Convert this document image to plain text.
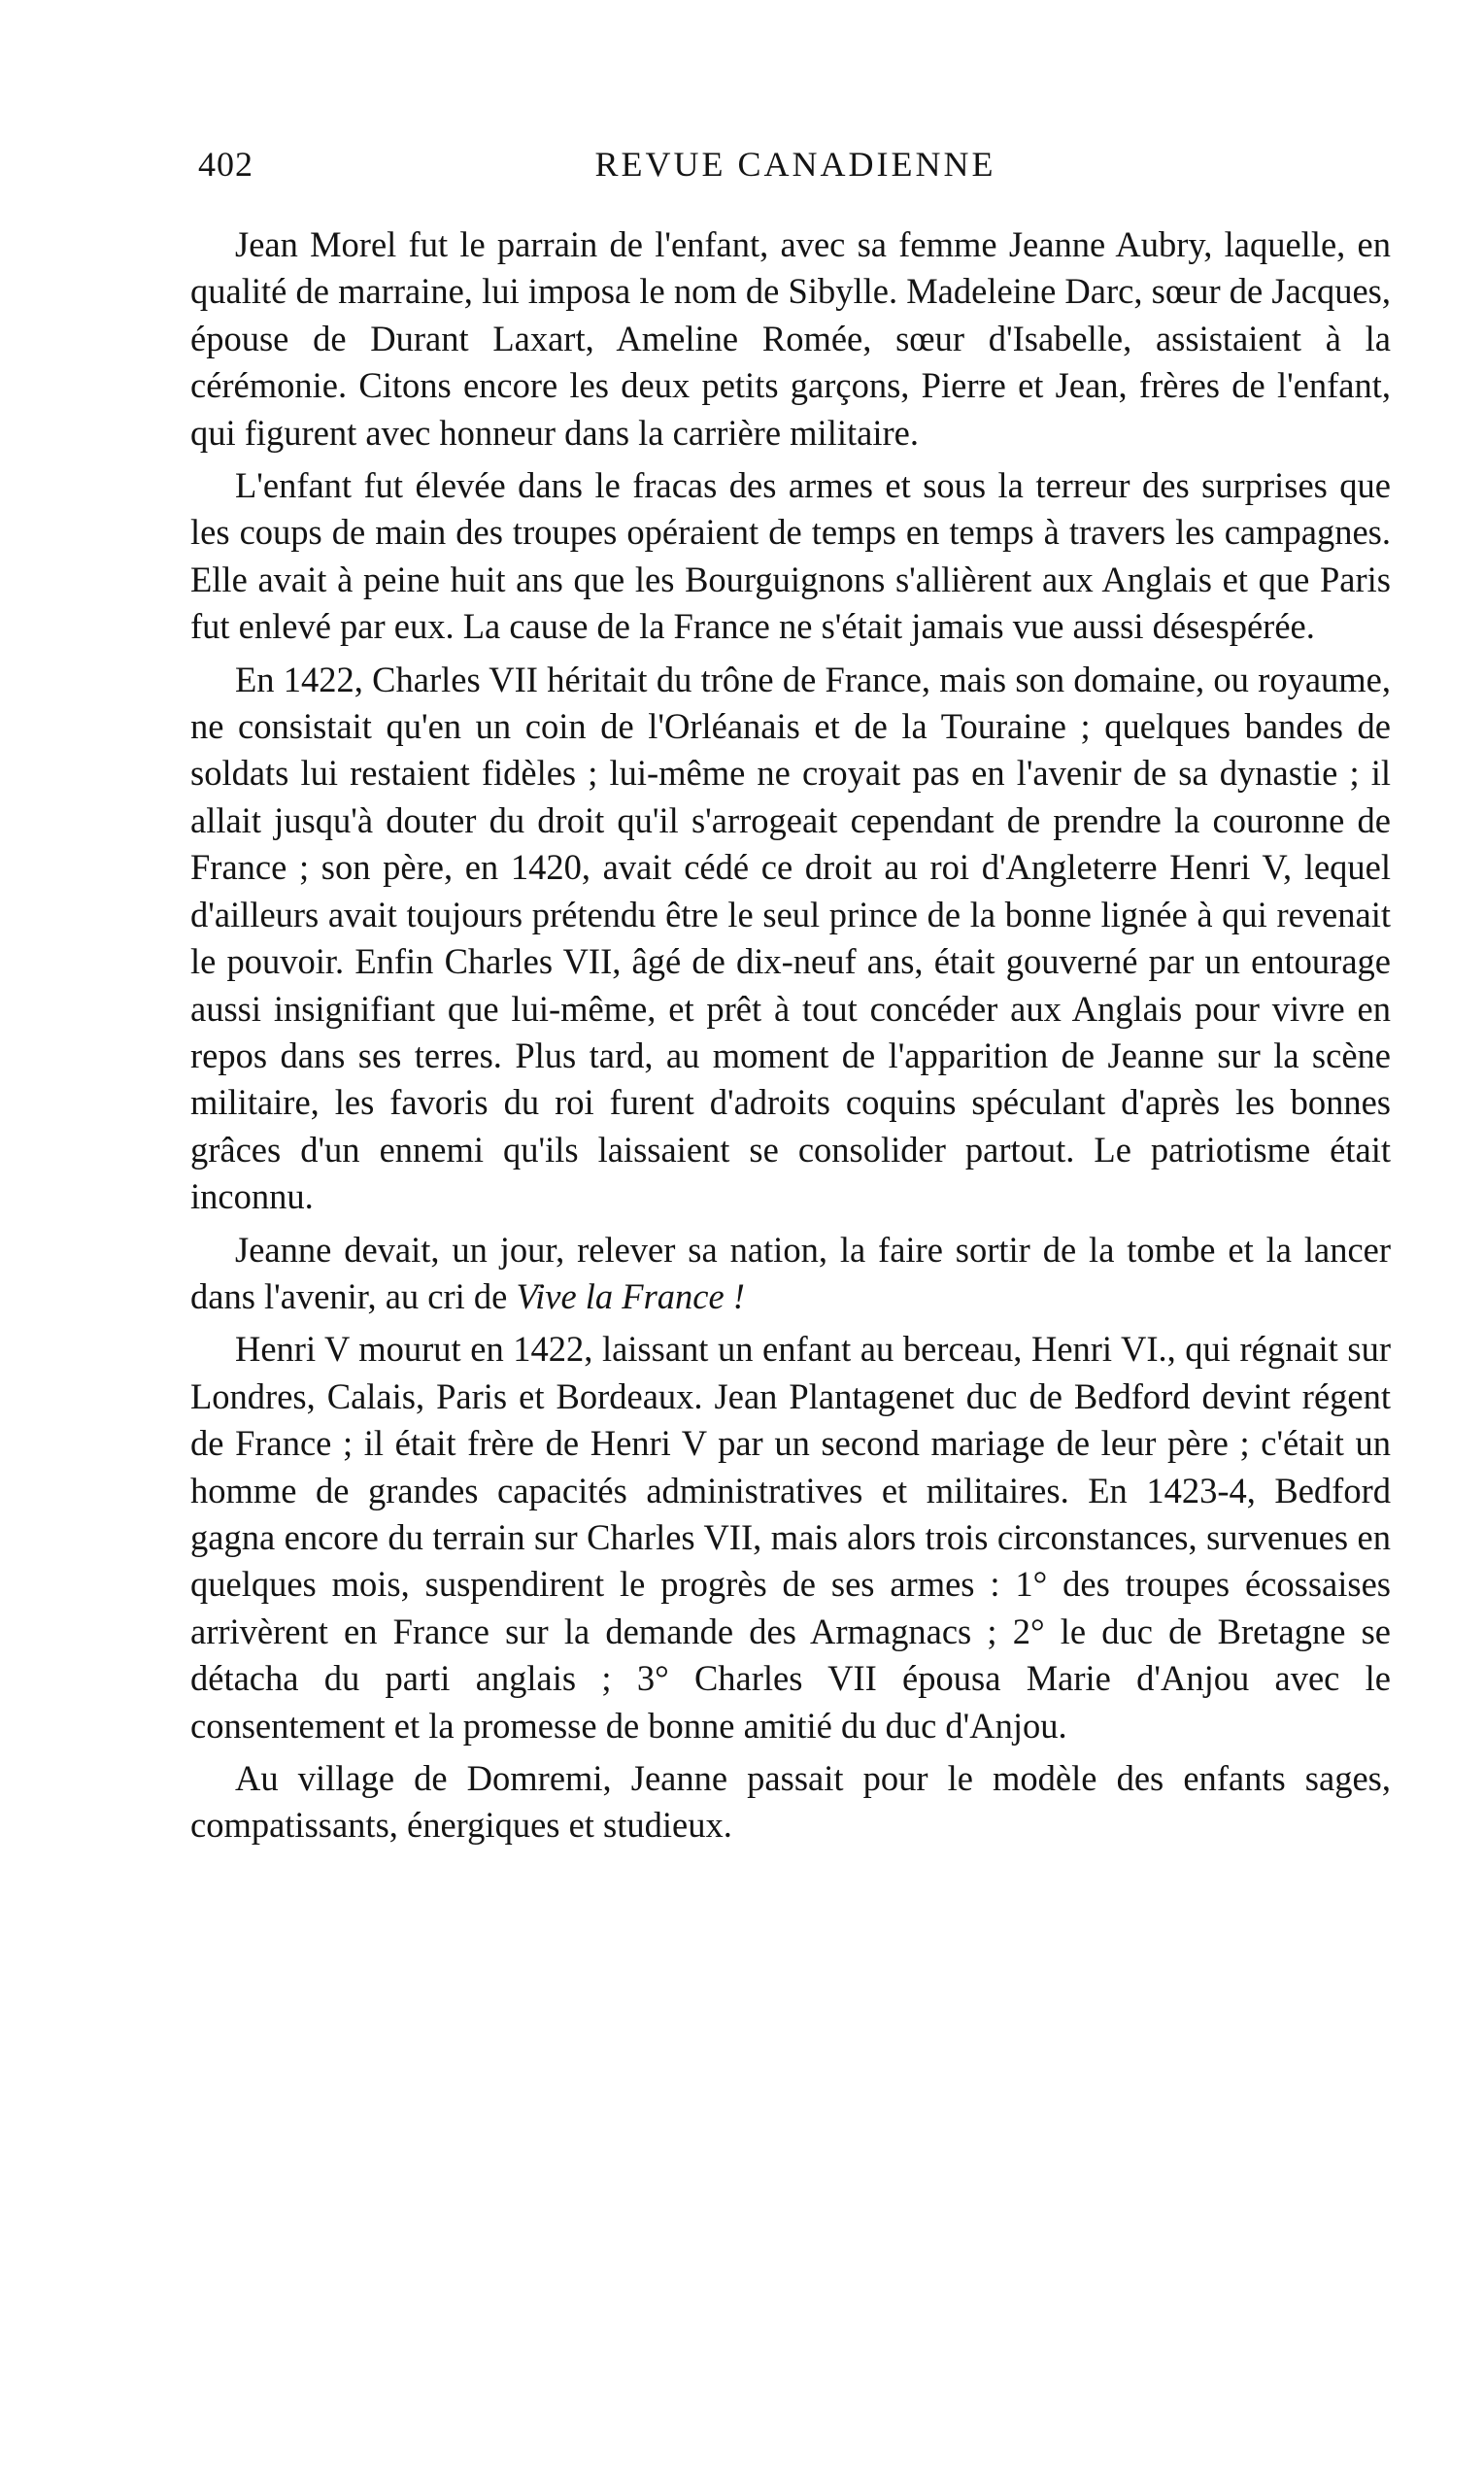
402	REVUE CANADIENNE

Jean Morel fut le parrain de l'enfant, avec sa femme Jeanne Aubry, laquelle, en qualité de marraine, lui imposa le nom de Sibylle. Madeleine Darc, sœur de Jacques, épouse de Durant Laxart, Ameline Romée, sœur d'Isabelle, assistaient à la cérémonie. Citons encore les deux petits garçons, Pierre et Jean, frères de l'enfant, qui figurent avec honneur dans la carrière militaire.

L'enfant fut élevée dans le fracas des armes et sous la terreur des surprises que les coups de main des troupes opéraient de temps en temps à travers les campagnes. Elle avait à peine huit ans que les Bourguignons s'allièrent aux Anglais et que Paris fut enlevé par eux. La cause de la France ne s'était jamais vue aussi désespérée.

En 1422, Charles VII héritait du trône de France, mais son domaine, ou royaume, ne consistait qu'en un coin de l'Orléanais et de la Touraine ; quelques bandes de soldats lui restaient fidèles ; lui-même ne croyait pas en l'avenir de sa dynastie ; il allait jusqu'à douter du droit qu'il s'arrogeait cependant de prendre la couronne de France ; son père, en 1420, avait cédé ce droit au roi d'Angleterre Henri V, lequel d'ailleurs avait toujours prétendu être le seul prince de la bonne lignée à qui revenait le pouvoir. Enfin Charles VII, âgé de dix-neuf ans, était gouverné par un entourage aussi insignifiant que lui-même, et prêt à tout concéder aux Anglais pour vivre en repos dans ses terres. Plus tard, au moment de l'apparition de Jeanne sur la scène militaire, les favoris du roi furent d'adroits coquins spéculant d'après les bonnes grâces d'un ennemi qu'ils laissaient se consolider partout. Le patriotisme était inconnu.

Jeanne devait, un jour, relever sa nation, la faire sortir de la tombe et la lancer dans l'avenir, au cri de Vive la France !

Henri V mourut en 1422, laissant un enfant au berceau, Henri VI., qui régnait sur Londres, Calais, Paris et Bordeaux. Jean Plantagenet duc de Bedford devint régent de France ; il était frère de Henri V par un second mariage de leur père ; c'était un homme de grandes capacités administratives et militaires. En 1423-4, Bedford gagna encore du terrain sur Charles VII, mais alors trois circonstances, survenues en quelques mois, suspendirent le progrès de ses armes : 1° des troupes écossaises arrivèrent en France sur la demande des Armagnacs ; 2° le duc de Bretagne se détacha du parti anglais ; 3° Charles VII épousa Marie d'Anjou avec le consentement et la promesse de bonne amitié du duc d'Anjou.

Au village de Domremi, Jeanne passait pour le modèle des enfants sages, compatissants, énergiques et studieux.
